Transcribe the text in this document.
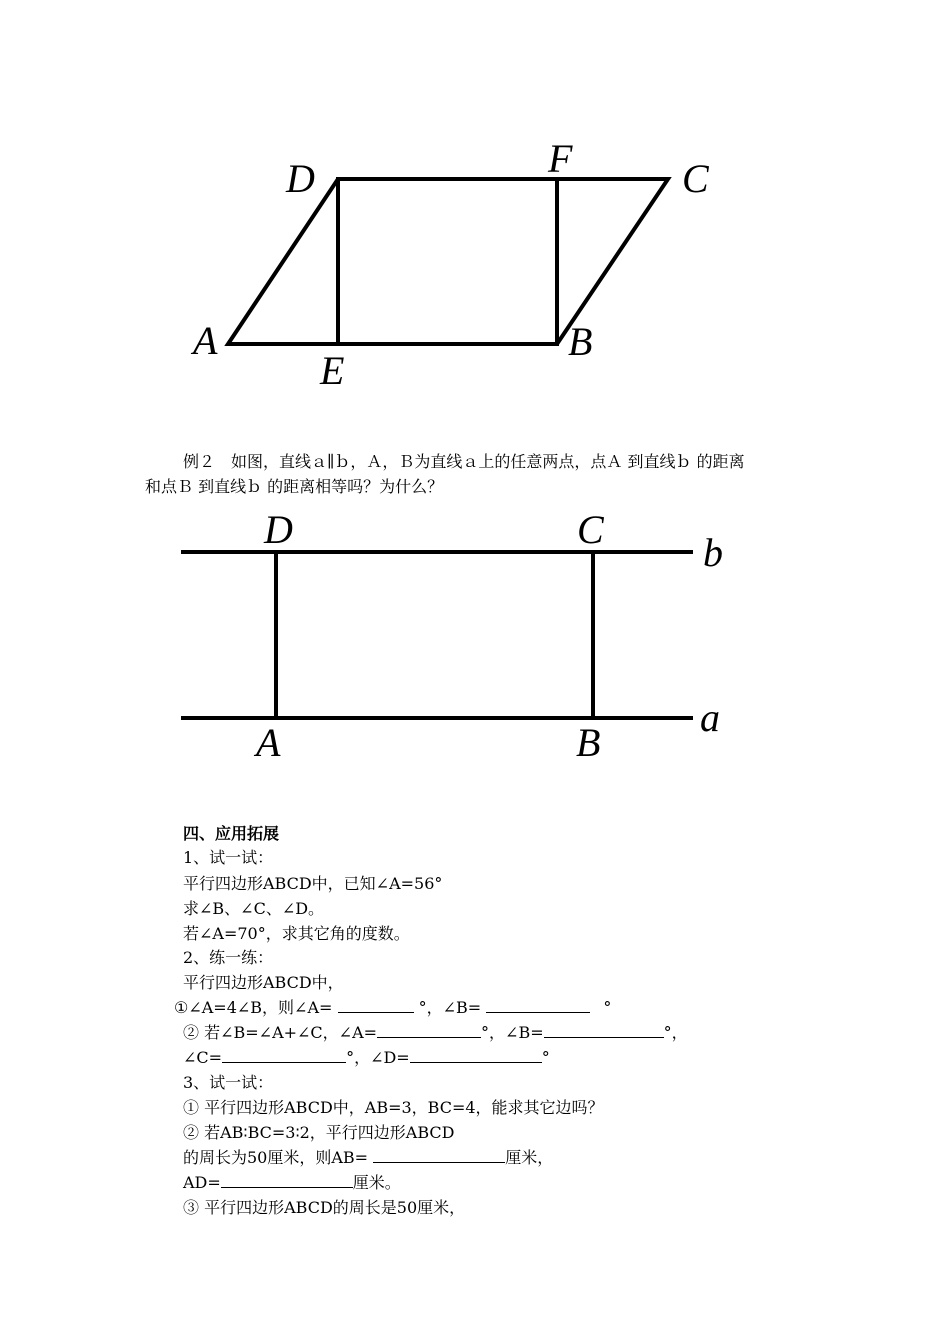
D	F	C
A	B
E
例２　如图，直线ａ∥ｂ，Ａ，Ｂ为直线ａ上的任意两点，点Ａ 到直线ｂ 的距离
和点Ｂ 到直线ｂ 的距离相等吗？为什么？
D	C
b
A	B
a
四、应用拓展
1、试一试：
平行四边形ABCD中，已知∠A=56°
求∠B、∠C、∠D。
若∠A=70°，求其它角的度数。
2、练一练：
平行四边形ABCD中，
①∠A=4∠B，则∠A=	°，∠B=	°
② 若∠B=∠A+∠C，∠A=	°，∠B=	°，
∠C=	°，∠D=	°
3、试一试：
① 平行四边形ABCD中，AB=3，BC=4，能求其它边吗？
② 若AB∶BC=3∶2，平行四边形ABCD
的周长为50厘米，则AB=	厘米，
AD=	厘米。
③ 平行四边形ABCD的周长是50厘米，
